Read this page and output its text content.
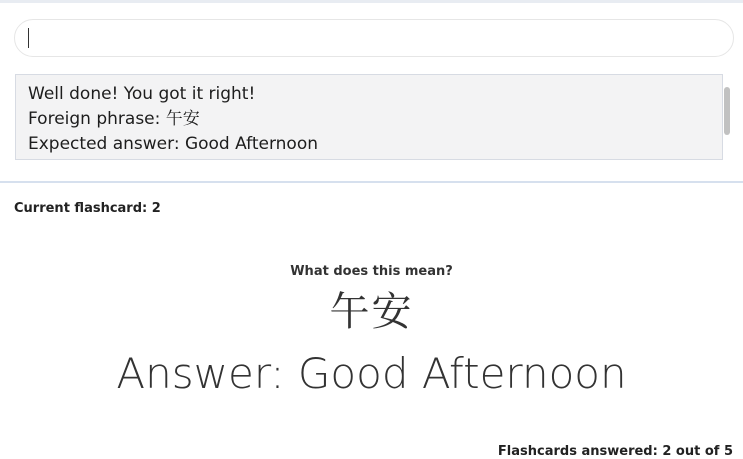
Well done! You got it right!
Foreign phrase: 午安
Expected answer: Good Afternoon
Current flashcard: 2
What does this mean?
午安
Answer: Good Afternoon
Flashcards answered: 2 out of 5
